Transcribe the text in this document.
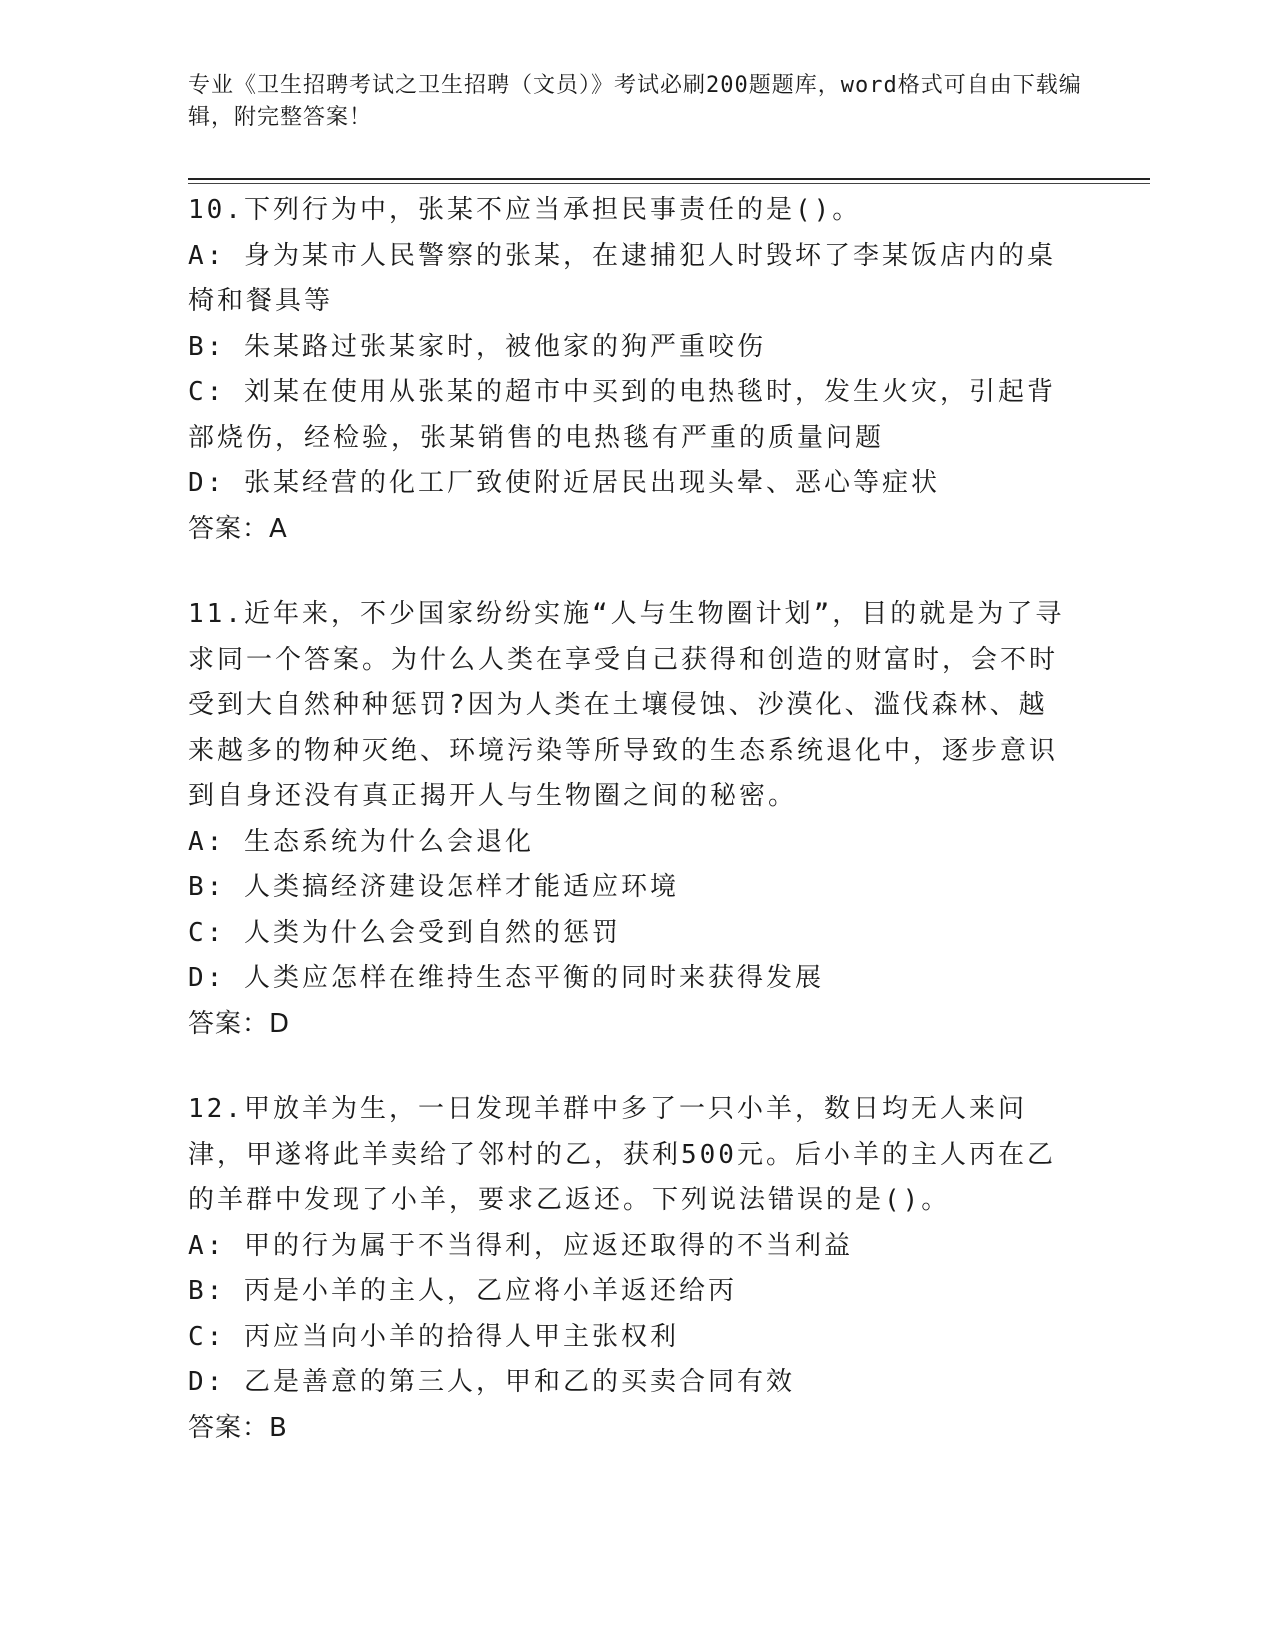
专业《卫生招聘考试之卫生招聘（文员）》考试必刷200题题库，word格式可自由下载编辑，附完整答案！

10.下列行为中，张某不应当承担民事责任的是()。

A: 身为某市人民警察的张某，在逮捕犯人时毁坏了李某饭店内的桌椅和餐具等

B: 朱某路过张某家时，被他家的狗严重咬伤

C: 刘某在使用从张某的超市中买到的电热毯时，发生火灾，引起背部烧伤，经检验，张某销售的电热毯有严重的质量问题

D: 张某经营的化工厂致使附近居民出现头晕、恶心等症状

答案：A

11.近年来，不少国家纷纷实施“人与生物圈计划”，目的就是为了寻求同一个答案。为什么人类在享受自己获得和创造的财富时，会不时受到大自然种种惩罚?因为人类在土壤侵蚀、沙漠化、滥伐森林、越来越多的物种灭绝、环境污染等所导致的生态系统退化中，逐步意识到自身还没有真正揭开人与生物圈之间的秘密。

A: 生态系统为什么会退化

B: 人类搞经济建设怎样才能适应环境

C: 人类为什么会受到自然的惩罚

D: 人类应怎样在维持生态平衡的同时来获得发展

答案：D

12.甲放羊为生，一日发现羊群中多了一只小羊，数日均无人来问津，甲遂将此羊卖给了邻村的乙，获利500元。后小羊的主人丙在乙的羊群中发现了小羊，要求乙返还。下列说法错误的是()。

A: 甲的行为属于不当得利，应返还取得的不当利益

B: 丙是小羊的主人，乙应将小羊返还给丙

C: 丙应当向小羊的拾得人甲主张权利

D: 乙是善意的第三人，甲和乙的买卖合同有效

答案：B
